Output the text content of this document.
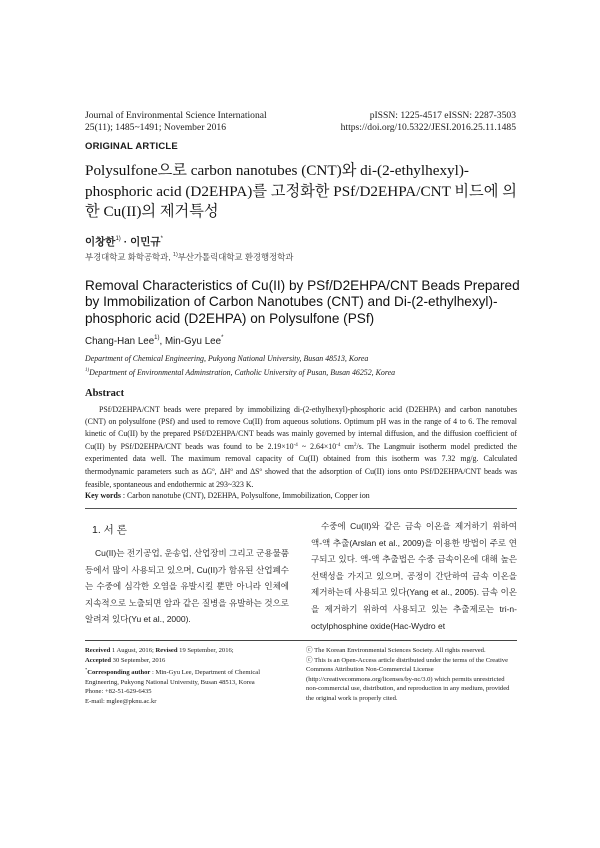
Journal of Environmental Science International
25(11); 1485~1491; November 2016
pISSN: 1225-4517 eISSN: 2287-3503
https://doi.org/10.5322/JESI.2016.25.11.1485
ORIGINAL ARTICLE
Polysulfone으로 carbon nanotubes (CNT)와 di-(2-ethylhexyl)-phosphoric acid (D2EHPA)를 고정화한 PSf/D2EHPA/CNT 비드에 의한 Cu(II)의 제거특성
이창한$^{1)}$ · 이민규*
부경대학교 화학공학과, $^{1)}$부산가톨릭대학교 환경행정학과
Removal Characteristics of Cu(II) by PSf/D2EHPA/CNT Beads Prepared by Immobilization of Carbon Nanotubes (CNT) and Di-(2-ethylhexyl)-phosphoric acid (D2EHPA) on Polysulfone (PSf)
Chang-Han Lee$^{1)}$, Min-Gyu Lee*
Department of Chemical Engineering, Pukyong National University, Busan 48513, Korea
$^{1)}$Department of Environmental Adminstration, Catholic University of Pusan, Busan 46252, Korea
Abstract
PSf/D2EHPA/CNT beads were prepared by immobilizing di-(2-ethylhexyl)-phosphoric acid (D2EHPA) and carbon nanotubes (CNT) on polysulfone (PSf) and used to remove Cu(II) from aqueous solutions. Optimum pH was in the range of 4 to 6. The removal kinetic of Cu(II) by the prepared PSf/D2EHPA/CNT beads was mainly governed by internal diffusion, and the diffusion coefficient of Cu(II) by PSf/D2EHPA/CNT beads was found to be $2.19\times 10^{-4}$ ~ $2.64\times 10^{-4}$ $cm^2/s$. The Langmuir isotherm model predicted the experimented data well. The maximum removal capacity of Cu(II) obtained from this isotherm was 7.32 mg/g. Calculated thermodynamic parameters such as $\Delta G^o$, $\Delta H^o$ and $\Delta S^o$ showed that the adsorption of Cu(II) ions onto PSf/D2EHPA/CNT beads was feasible, spontaneous and endothermic at 293~323 K.
Key words : Carbon nanotube (CNT), D2EHPA, Polysulfone, Immobilization, Copper ion
1. 서 론
Cu(II)는 전기공업, 운송업, 산업장비 그리고 군용물품 등에서 많이 사용되고 있으며, Cu(II)가 함유된 산업폐수는 수중에 심각한 오염을 유발시킬 뿐만 아니라 인체에 지속적으로 노출되면 암과 같은 질병을 유발하는 것으로 알려져 있다(Yu et al., 2000).
수중에 Cu(II)와 같은 금속 이온을 제거하기 위하여 액-액 추출(Arslan et al., 2009)을 이용한 방법이 주로 연구되고 있다. 액-액 추출법은 수중 금속이온에 대해 높은 선택성을 가지고 있으며, 공정이 간단하여 금속 이온을 제거하는데 사용되고 있다(Yang et al., 2005). 금속 이온을 제거하기 위하여 사용되고 있는 추출제로는 tri-n-octylphosphine oxide(Hac-Wydro et
Received 1 August, 2016; Revised 19 September, 2016;
Accepted 30 September, 2016
*Corresponding author : Min-Gyu Lee, Department of Chemical Engineering, Pukyong National University, Busan 48513, Korea
Phone: +82-51-629-6435
E-mail: mglee@pknu.ac.kr
ⓒ The Korean Environmental Sciences Society. All rights reserved.
ⓒ This is an Open-Access article distributed under the terms of the Creative Commons Attribution Non-Commercial License (http://creativecommons.org/licenses/by-nc/3.0) which permits unrestricted non-commercial use, distribution, and reproduction in any medium, provided the original work is properly cited.
